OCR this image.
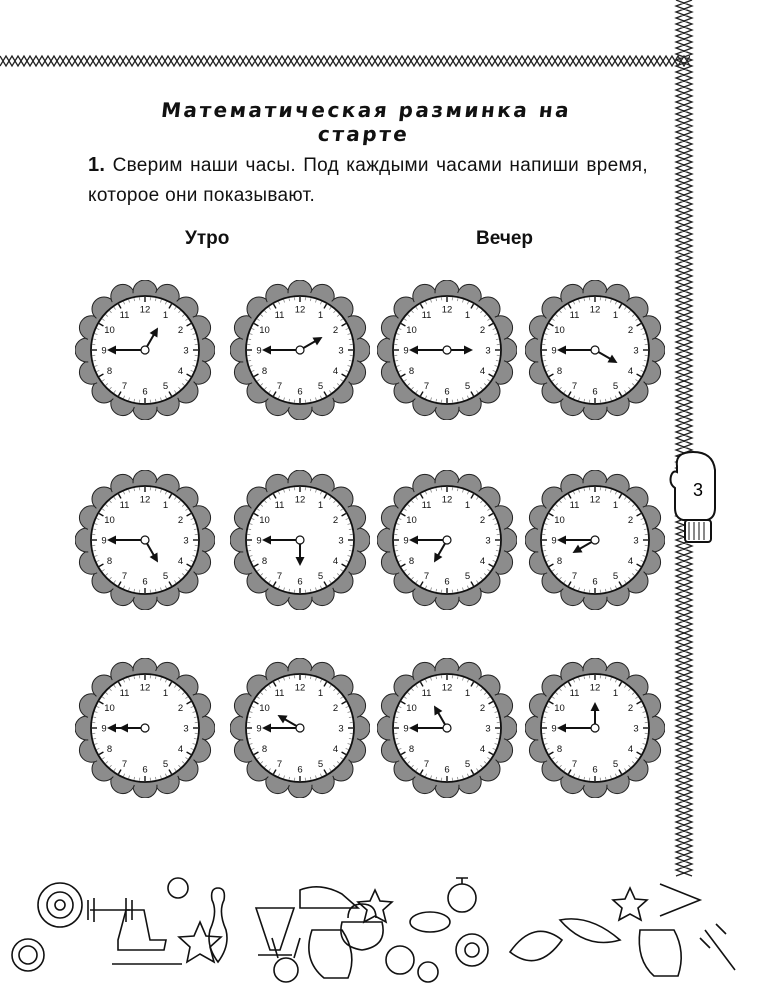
Математическая разминка на старте
1. Сверим наши часы. Под каждыми часами напиши время, которое они показывают.
Утро	Вечер
12 1
2
3
4
5
6
7
8
9
10
11	12 1
2
3
4
5
6
7
8
9
10
11	12 1
2
3
4
5
6
7
8
9
10
11	12 1
2
3
4
5
6
7
8
9
10
11
12 1
2
3
4
5
6
7
8
9
10
11	12 1
2
3
4
5
6
7
8
9
10
11	12 1
2
3
4
5
6
7
8
9
10
11	12 1
2
3
4
5
6
7
8
9
10
11
12 1
2
3
4
5
6
7
8
9
10
11	12 1
2
3
4
5
6
7
8
9
10
11	12 1
2
3
4
5
6
7
8
9
10
11	12 1
2
3
4
5
6
7
8
9
10
11
3
